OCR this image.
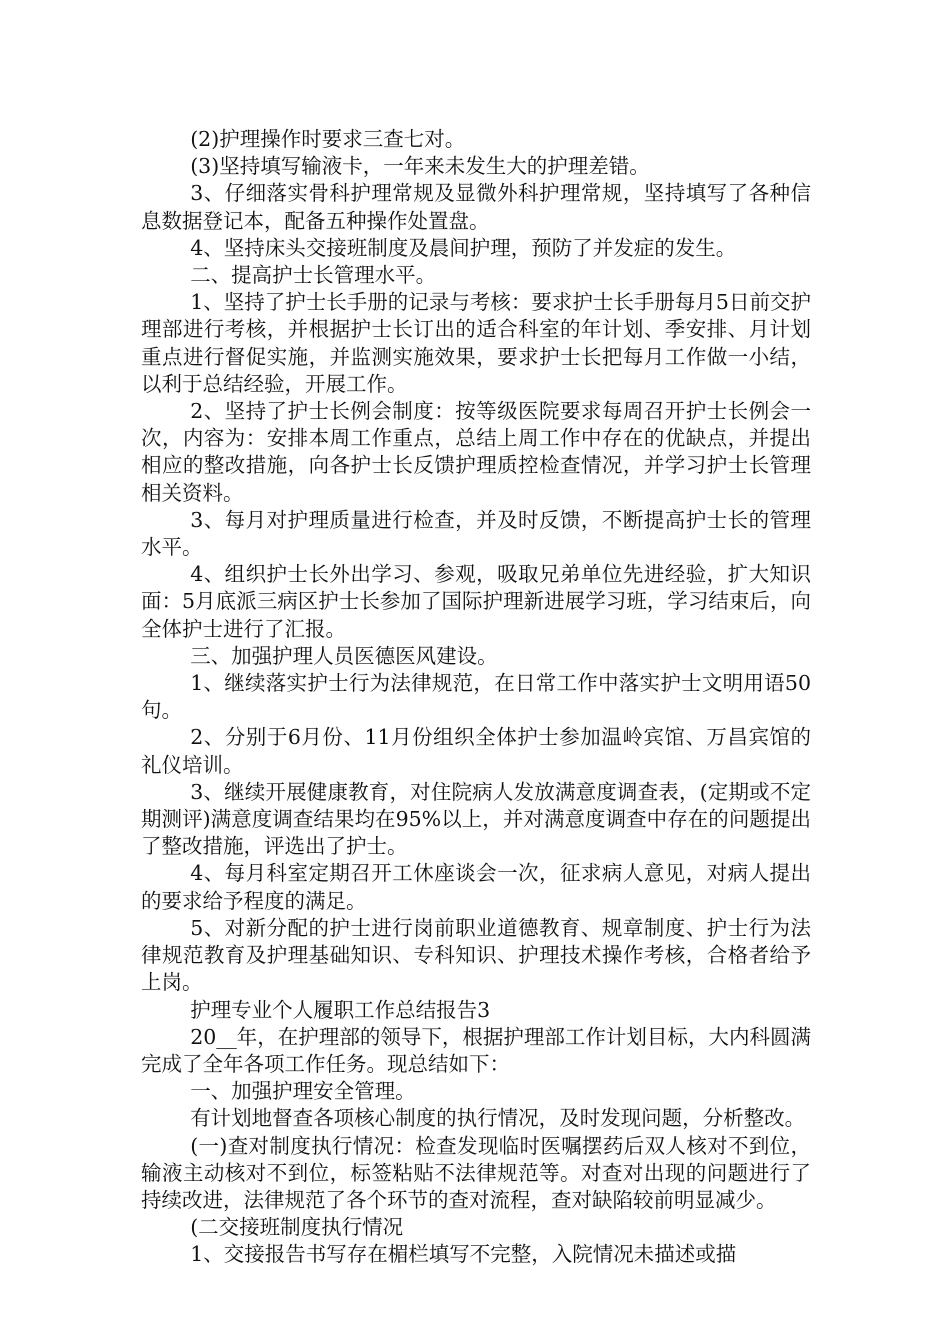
(2)护理操作时要求三查七对。

(3)坚持填写输液卡，一年来未发生大的护理差错。

3、仔细落实骨科护理常规及显微外科护理常规，坚持填写了各种信息数据登记本，配备五种操作处置盘。

4、坚持床头交接班制度及晨间护理，预防了并发症的发生。

二、提高护士长管理水平。

1、坚持了护士长手册的记录与考核：要求护士长手册每月5日前交护理部进行考核，并根据护士长订出的适合科室的年计划、季安排、月计划重点进行督促实施，并监测实施效果，要求护士长把每月工作做一小结，以利于总结经验，开展工作。

2、坚持了护士长例会制度：按等级医院要求每周召开护士长例会一次，内容为：安排本周工作重点，总结上周工作中存在的优缺点，并提出相应的整改措施，向各护士长反馈护理质控检查情况，并学习护士长管理相关资料。

3、每月对护理质量进行检查，并及时反馈，不断提高护士长的管理水平。

4、组织护士长外出学习、参观，吸取兄弟单位先进经验，扩大知识面：5月底派三病区护士长参加了国际护理新进展学习班，学习结束后，向全体护士进行了汇报。

三、加强护理人员医德医风建设。

1、继续落实护士行为法律规范，在日常工作中落实护士文明用语50句。

2、分别于6月份、11月份组织全体护士参加温岭宾馆、万昌宾馆的礼仪培训。

3、继续开展健康教育，对住院病人发放满意度调查表，(定期或不定期测评)满意度调查结果均在95%以上，并对满意度调查中存在的问题提出了整改措施，评选出了护士。

4、每月科室定期召开工休座谈会一次，征求病人意见，对病人提出的要求给予程度的满足。

5、对新分配的护士进行岗前职业道德教育、规章制度、护士行为法律规范教育及护理基础知识、专科知识、护理技术操作考核，合格者给予上岗。

护理专业个人履职工作总结报告3

20__年，在护理部的领导下，根据护理部工作计划目标，大内科圆满完成了全年各项工作任务。现总结如下：

一、加强护理安全管理。

有计划地督查各项核心制度的执行情况，及时发现问题，分析整改。

(一)查对制度执行情况：检查发现临时医嘱摆药后双人核对不到位，输液主动核对不到位，标签粘贴不法律规范等。对查对出现的问题进行了持续改进，法律规范了各个环节的查对流程，查对缺陷较前明显减少。

(二交接班制度执行情况

1、交接报告书写存在楣栏填写不完整，入院情况未描述或描
